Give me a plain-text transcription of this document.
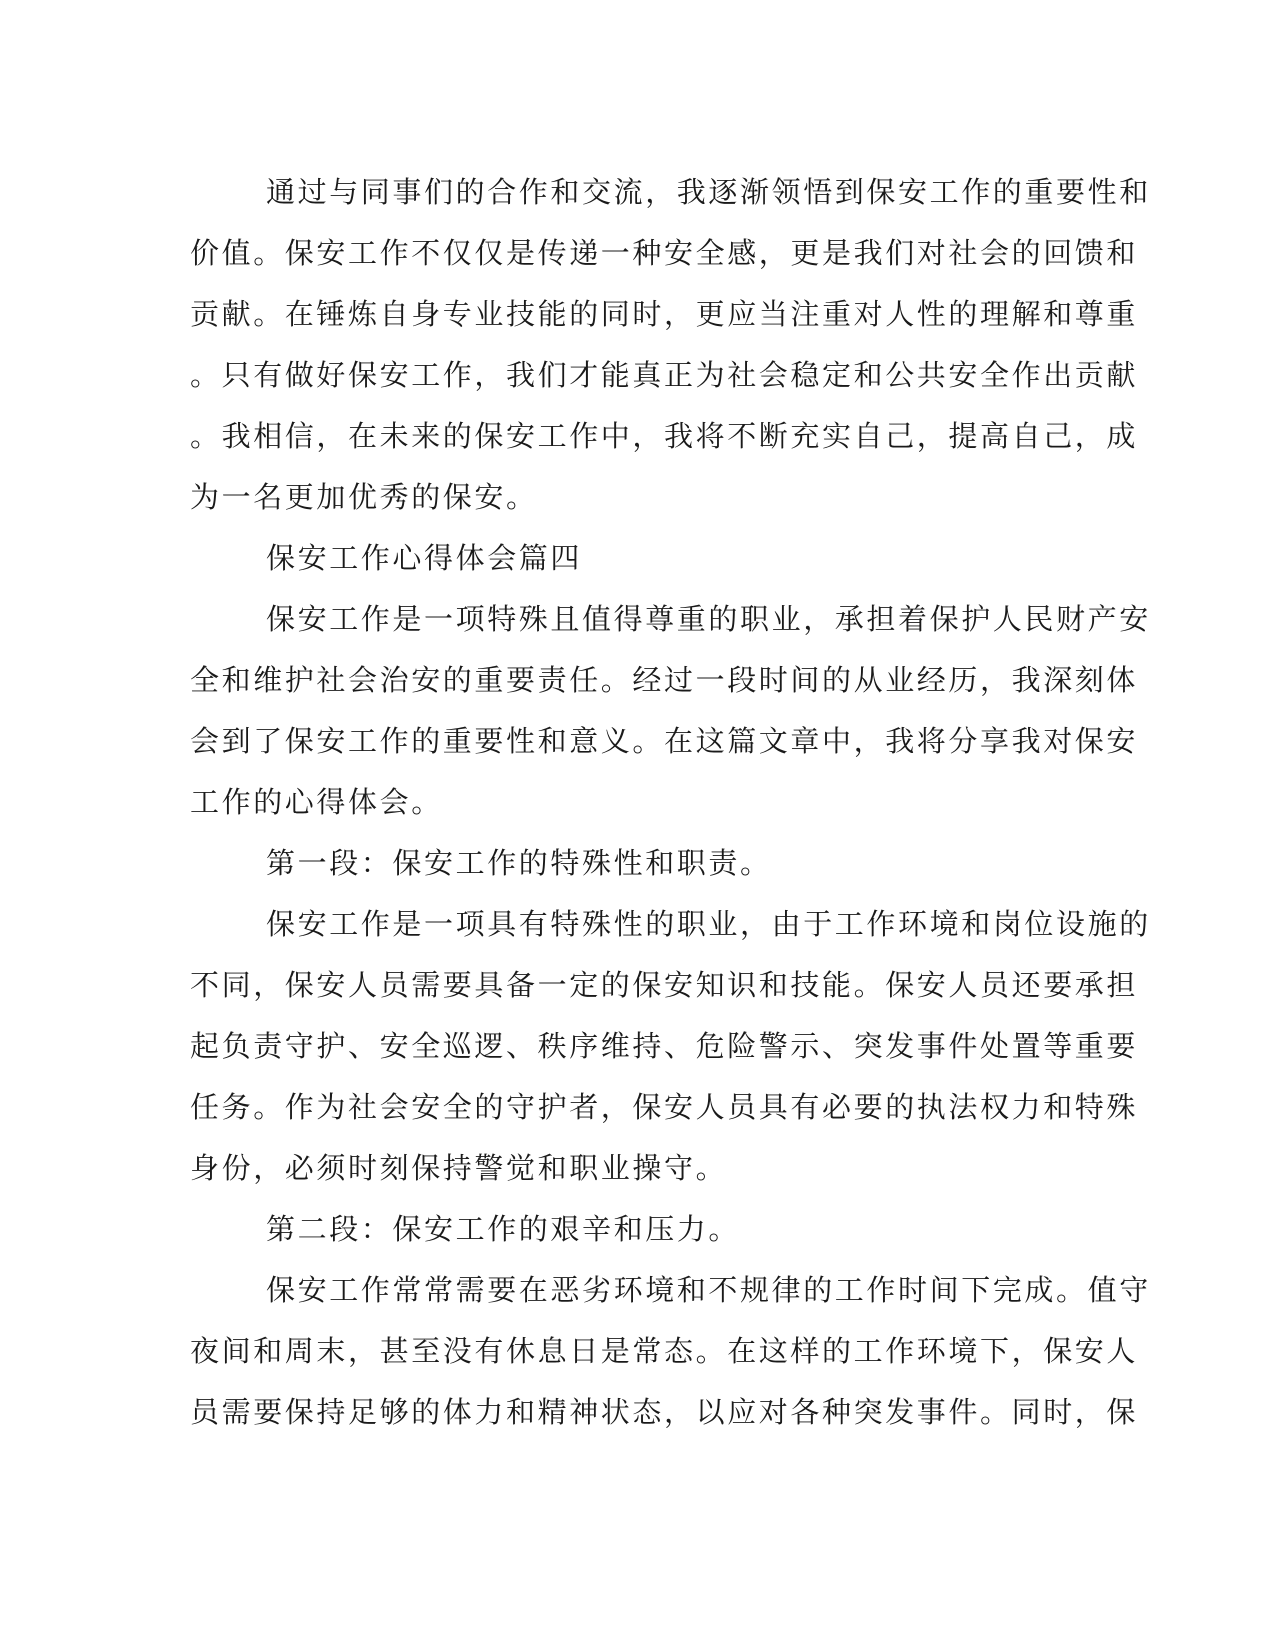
通过与同事们的合作和交流，我逐渐领悟到保安工作的重要性和
价值。保安工作不仅仅是传递一种安全感，更是我们对社会的回馈和
贡献。在锤炼自身专业技能的同时，更应当注重对人性的理解和尊重
。只有做好保安工作，我们才能真正为社会稳定和公共安全作出贡献
。我相信，在未来的保安工作中，我将不断充实自己，提高自己，成
为一名更加优秀的保安。
保安工作心得体会篇四
保安工作是一项特殊且值得尊重的职业，承担着保护人民财产安
全和维护社会治安的重要责任。经过一段时间的从业经历，我深刻体
会到了保安工作的重要性和意义。在这篇文章中，我将分享我对保安
工作的心得体会。
第一段：保安工作的特殊性和职责。
保安工作是一项具有特殊性的职业，由于工作环境和岗位设施的
不同，保安人员需要具备一定的保安知识和技能。保安人员还要承担
起负责守护、安全巡逻、秩序维持、危险警示、突发事件处置等重要
任务。作为社会安全的守护者，保安人员具有必要的执法权力和特殊
身份，必须时刻保持警觉和职业操守。
第二段：保安工作的艰辛和压力。
保安工作常常需要在恶劣环境和不规律的工作时间下完成。值守
夜间和周末，甚至没有休息日是常态。在这样的工作环境下，保安人
员需要保持足够的体力和精神状态，以应对各种突发事件。同时，保
